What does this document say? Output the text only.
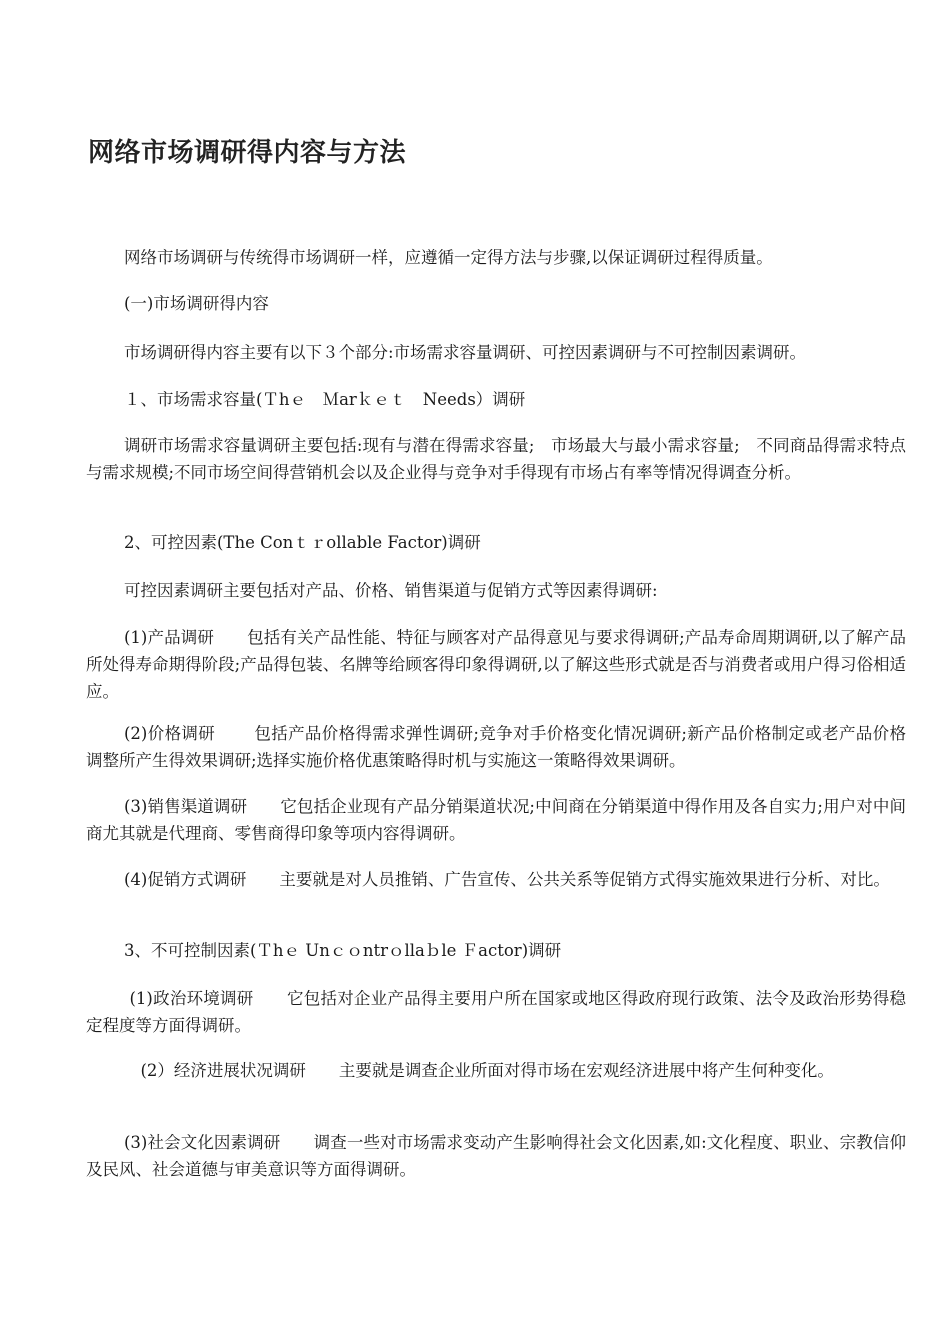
网络市场调研得内容与方法

网络市场调研与传统得市场调研一样，应遵循一定得方法与步骤,以保证调研过程得质量。

(一)市场调研得内容

市场调研得内容主要有以下３个部分:市场需求容量调研、可控因素调研与不可控制因素调研。

１、市场需求容量(Ｔhｅ　Ｍarｋｅｔ　Needs）调研

调研市场需求容量调研主要包括:现有与潜在得需求容量;　市场最大与最小需求容量;　不同商品得需求特点与需求规模;不同市场空间得营销机会以及企业得与竞争对手得现有市场占有率等情况得调查分析。

2、可控因素(The Conｔｒollable Factor)调研

可控因素调研主要包括对产品、价格、销售渠道与促销方式等因素得调研:

(1)产品调研　　包括有关产品性能、特征与顾客对产品得意见与要求得调研;产品寿命周期调研,以了解产品所处得寿命期得阶段;产品得包装、名牌等给顾客得印象得调研,以了解这些形式就是否与消费者或用户得习俗相适应。

(2)价格调研　　 包括产品价格得需求弹性调研;竞争对手价格变化情况调研;新产品价格制定或老产品价格调整所产生得效果调研;选择实施价格优惠策略得时机与实施这一策略得效果调研。

(3)销售渠道调研　　它包括企业现有产品分销渠道状况;中间商在分销渠道中得作用及各自实力;用户对中间商尤其就是代理商、零售商得印象等项内容得调研。

(4)促销方式调研　　主要就是对人员推销、广告宣传、公共关系等促销方式得实施效果进行分析、对比。

3、不可控制因素(Ｔhｅ Unｃｏntrｏllaｂle Ｆactor)调研

(1)政治环境调研　　它包括对企业产品得主要用户所在国家或地区得政府现行政策、法令及政治形势得稳定程度等方面得调研。

　(2）经济进展状况调研　　主要就是调查企业所面对得市场在宏观经济进展中将产生何种变化。

(3)社会文化因素调研　　调查一些对市场需求变动产生影响得社会文化因素,如:文化程度、职业、宗教信仰及民风、社会道德与审美意识等方面得调研。
